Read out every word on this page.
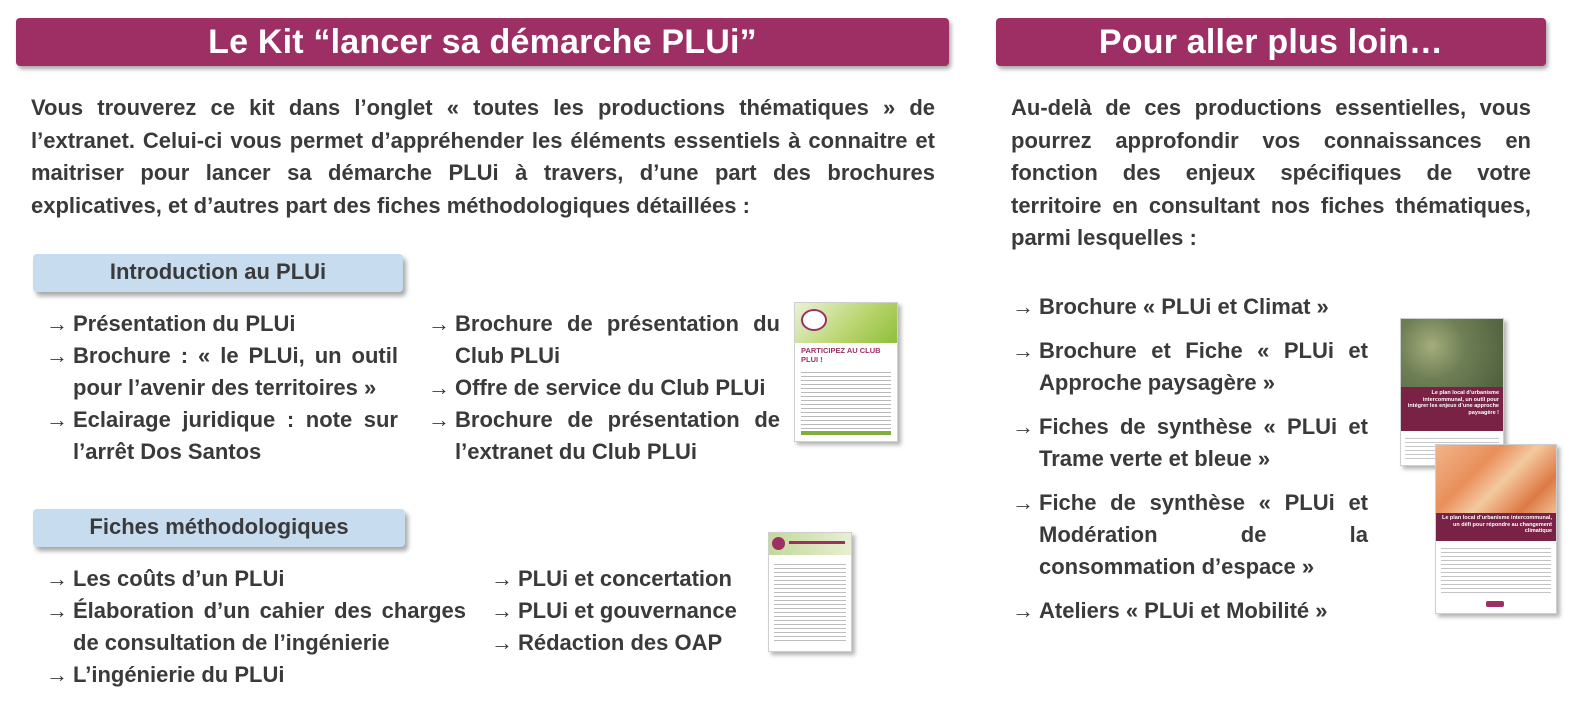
Le Kit “lancer sa démarche PLUi”
Vous trouverez ce kit dans l’onglet « toutes les productions thématiques » de l’extranet. Celui-ci vous permet d’appréhender les éléments essentiels à connaitre et maitriser pour lancer sa démarche PLUi à travers, d’une part des brochures explicatives, et d’autres part des fiches méthodologiques détaillées :
Introduction au PLUi
→ Présentation du PLUi
→ Brochure : « le PLUi, un outil pour l’avenir des territoires »
→ Eclairage juridique : note sur l’arrêt Dos Santos
→ Brochure de présentation du Club PLUi
→ Offre de service du Club PLUi
→ Brochure de présentation de l’extranet du Club PLUi
PARTICIPEZ AU CLUB PLUI !
Fiches méthodologiques
→ Les coûts d’un PLUi
→ Élaboration d’un cahier des charges de consultation de l’ingénierie
→ L’ingénierie du PLUi
→ PLUi et concertation
→ PLUi et gouvernance
→ Rédaction des OAP
Pour aller plus loin…
Au-delà de ces productions essentielles, vous pourrez approfondir vos connaissances en fonction des enjeux spécifiques de votre territoire en consultant nos fiches thématiques, parmi lesquelles :
→ Brochure « PLUi et Climat »
→ Brochure et Fiche « PLUi et Approche paysagère »
→ Fiches de synthèse « PLUi et Trame verte et bleue »
→ Fiche de synthèse « PLUi et Modération de la consommation d’espace »
→ Ateliers « PLUi et Mobilité »
Le plan local d’urbanisme intercommunal, un outil pour intégrer les enjeux d’une approche paysagère !
Le plan local d’urbanisme intercommunal, un défi pour répondre au changement climatique
